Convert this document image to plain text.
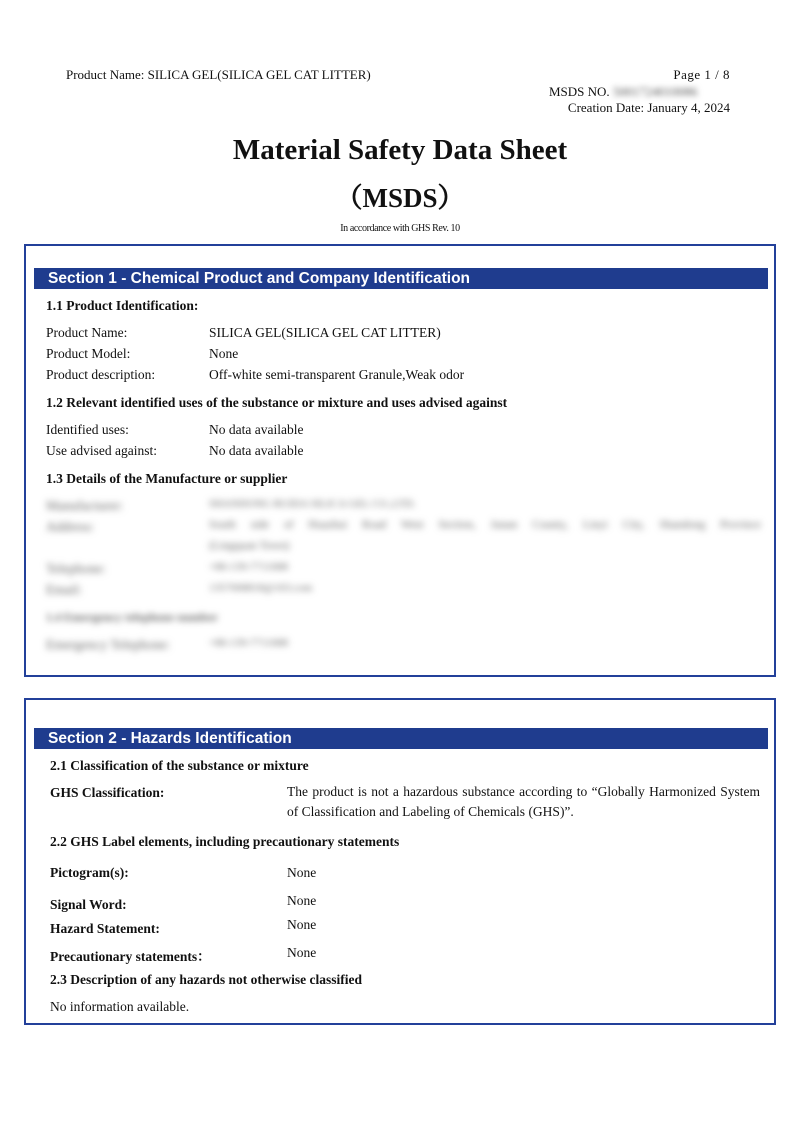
Product Name: SILICA GEL(SILICA GEL CAT LITTER)	Page 1 / 8
MSDS NO. 5001724010086
Creation Date: January 4, 2024
Material Safety Data Sheet
（MSDS）
In accordance with GHS Rev. 10
Section 1 - Chemical Product and Company Identification
1.1 Product Identification:
Product Name:	SILICA GEL(SILICA GEL CAT LITTER)
Product Model:	None
Product description:	Off-white semi-transparent Granule,Weak odor
1.2 Relevant identified uses of the substance or mixture and uses advised against
Identified uses:	No data available
Use advised against:	No data available
1.3 Details of the Manufacture or supplier
Manufacturer:	SHANDONG RUIDA SILICA GEL CO.,LTD.
Address:	South side of Huazhui Road West Section, Junan County, Linyi City, Shandong Province
(Lingquan Town)
Telephone:	+86-139-7711688
Email:	1357008818@163.com
1.4 Emergency telephone number
Emergency Telephone:	+86-139-7711688
Section 2 - Hazards Identification
2.1 Classification of the substance or mixture
GHS Classification:	The product is not a hazardous substance according to “Globally Harmonized System of Classification and Labeling of Chemicals (GHS)”.
2.2 GHS Label elements, including precautionary statements
Pictogram(s):	None
Signal Word:	None
Hazard Statement:	None
Precautionary statements：	None
2.3 Description of any hazards not otherwise classified
No information available.
